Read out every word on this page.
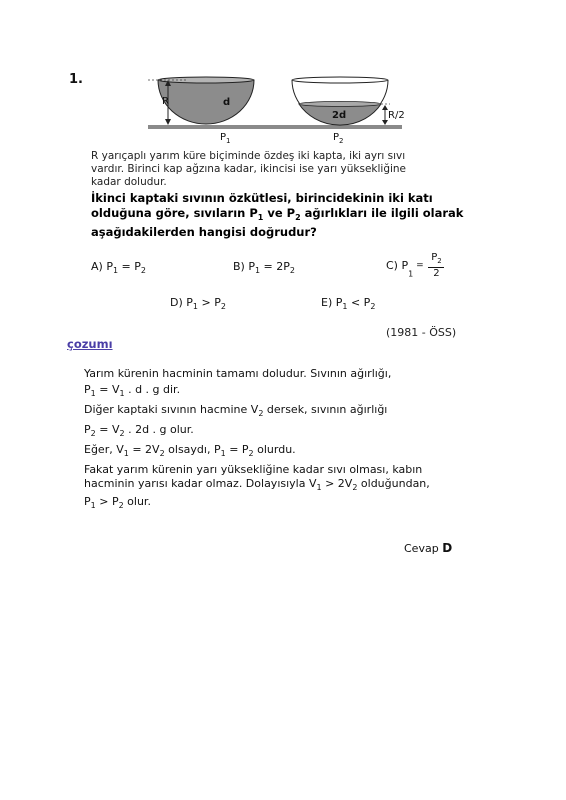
1.
R	d
2d	R/2
$P_1$	$P_2$
R yarıçaplı yarım küre biçiminde özdeş iki kapta, iki ayrı sıvı
vardır. Birinci kap ağzına kadar, ikincisi ise yarı yüksekliğine
kadar doludur.
İkinci kaptaki sıvının özkütlesi, birincidekinin iki katı
olduğuna göre, sıvıların $P_1$ ve $P_2$ ağırlıkları ile ilgili olarak
aşağıdakilerden hangisi doğrudur?
A) $P_1 = P_2$	B) $P_1 = 2P_2$	C) $P_1 = \frac{P_2}{2}$
D) $P_1 > P_2$	E) $P_1 < P_2$
(1981 - ÖSS)
çozumı
Yarım kürenin hacminin tamamı doludur. Sıvının ağırlığı,
$P_1 = V_1$ . d . g dir.
Diğer kaptaki sıvının hacmine $V_2$ dersek, sıvının ağırlığı
$P_2 = V_2$ . 2d . g olur.
Eğer, $V_1 = 2V_2$ olsaydı, $P_1 = P_2$ olurdu.
Fakat yarım kürenin yarı yüksekliğine kadar sıvı olması, kabın
hacminin yarısı kadar olmaz. Dolayısıyla $V_1 > 2V_2$ olduğundan,
$P_1 > P_2$ olur.
Cevap D
